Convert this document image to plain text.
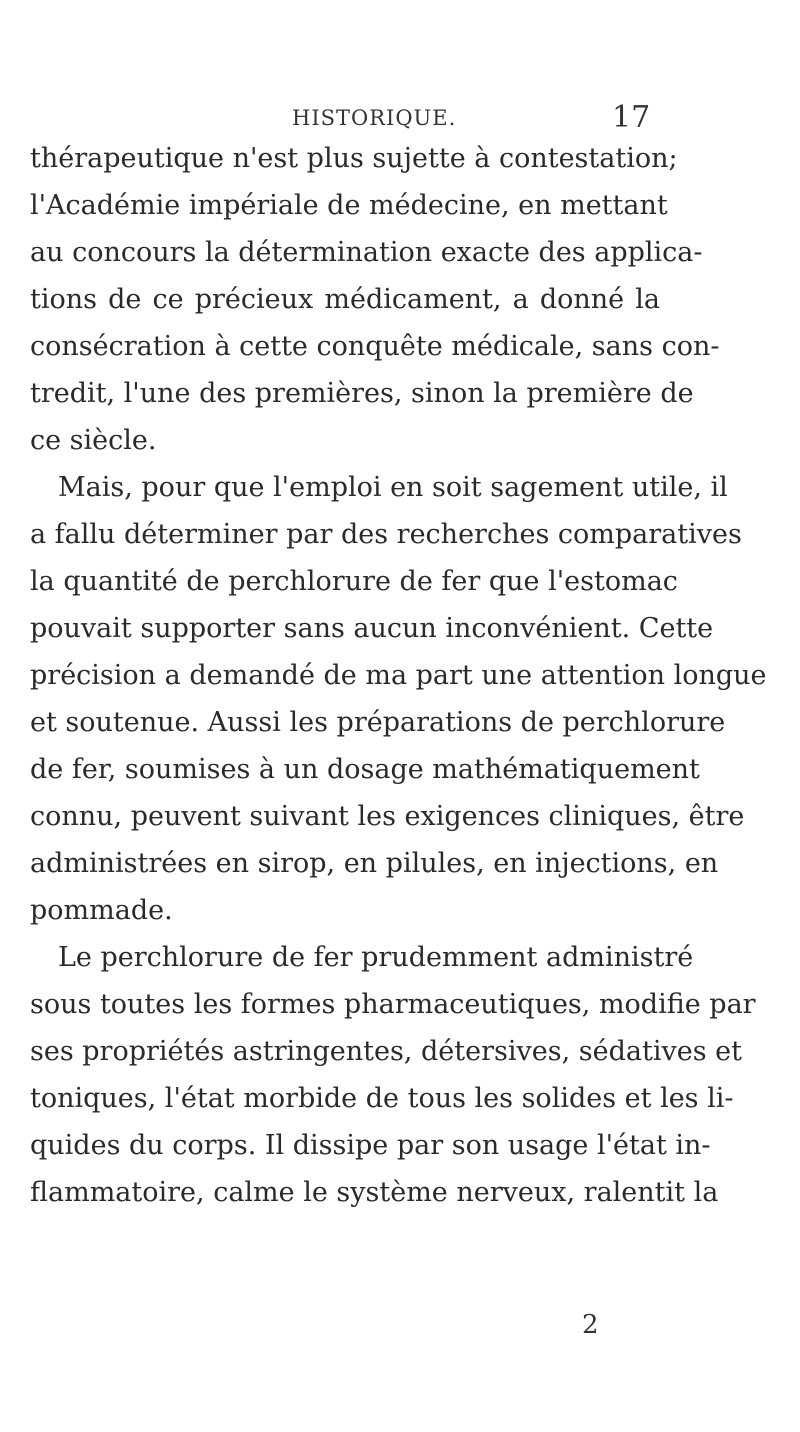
HISTORIQUE.	17
thérapeutique n'est plus sujette à contestation;
l'Académie impériale de médecine, en mettant
au concours la détermination exacte des applica-
tions de ce précieux médicament, a donné la
consécration à cette conquête médicale, sans con-
tredit, l'une des premières, sinon la première de
ce siècle.
Mais, pour que l'emploi en soit sagement utile, il
a fallu déterminer par des recherches comparatives
la quantité de perchlorure de fer que l'estomac
pouvait supporter sans aucun inconvénient. Cette
précision a demandé de ma part une attention longue
et soutenue. Aussi les préparations de perchlorure
de fer, soumises à un dosage mathématiquement
connu, peuvent suivant les exigences cliniques, être
administrées en sirop, en pilules, en injections, en
pommade.
Le perchlorure de fer prudemment administré
sous toutes les formes pharmaceutiques, modifie par
ses propriétés astringentes, détersives, sédatives et
toniques, l'état morbide de tous les solides et les li-
quides du corps. Il dissipe par son usage l'état in-
flammatoire, calme le système nerveux, ralentit la
2
